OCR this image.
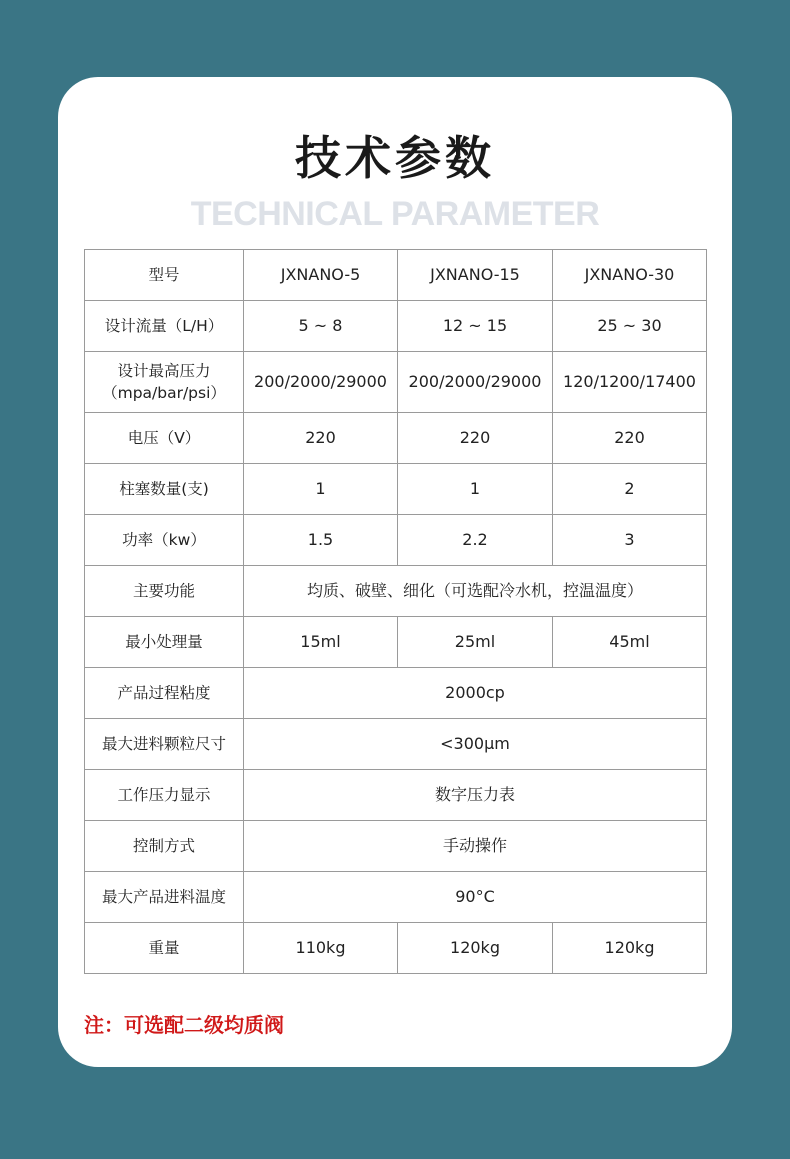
技术参数
TECHNICAL PARAMETER
型号	JXNANO-5	JXNANO-15	JXNANO-30
设计流量（L/H）	5 ~ 8	12 ~ 15	25 ~ 30

设计最高压力
（mpa/bar/psi）	200/2000/29000	200/2000/29000	120/1200/17400
电压（V）	220	220	220
柱塞数量(支)	1	1	2
功率（kw）	1.5	2.2	3
主要功能	均质、破壁、细化（可选配冷水机，控温温度）		
最小处理量	15ml	25ml	45ml
产品过程粘度	2000cp		
最大进料颗粒尺寸	<300μm		
工作压力显示	数字压力表		
控制方式	手动操作		
最大产品进料温度	90°C		
重量	110kg	120kg	120kg
注：可选配二级均质阀
